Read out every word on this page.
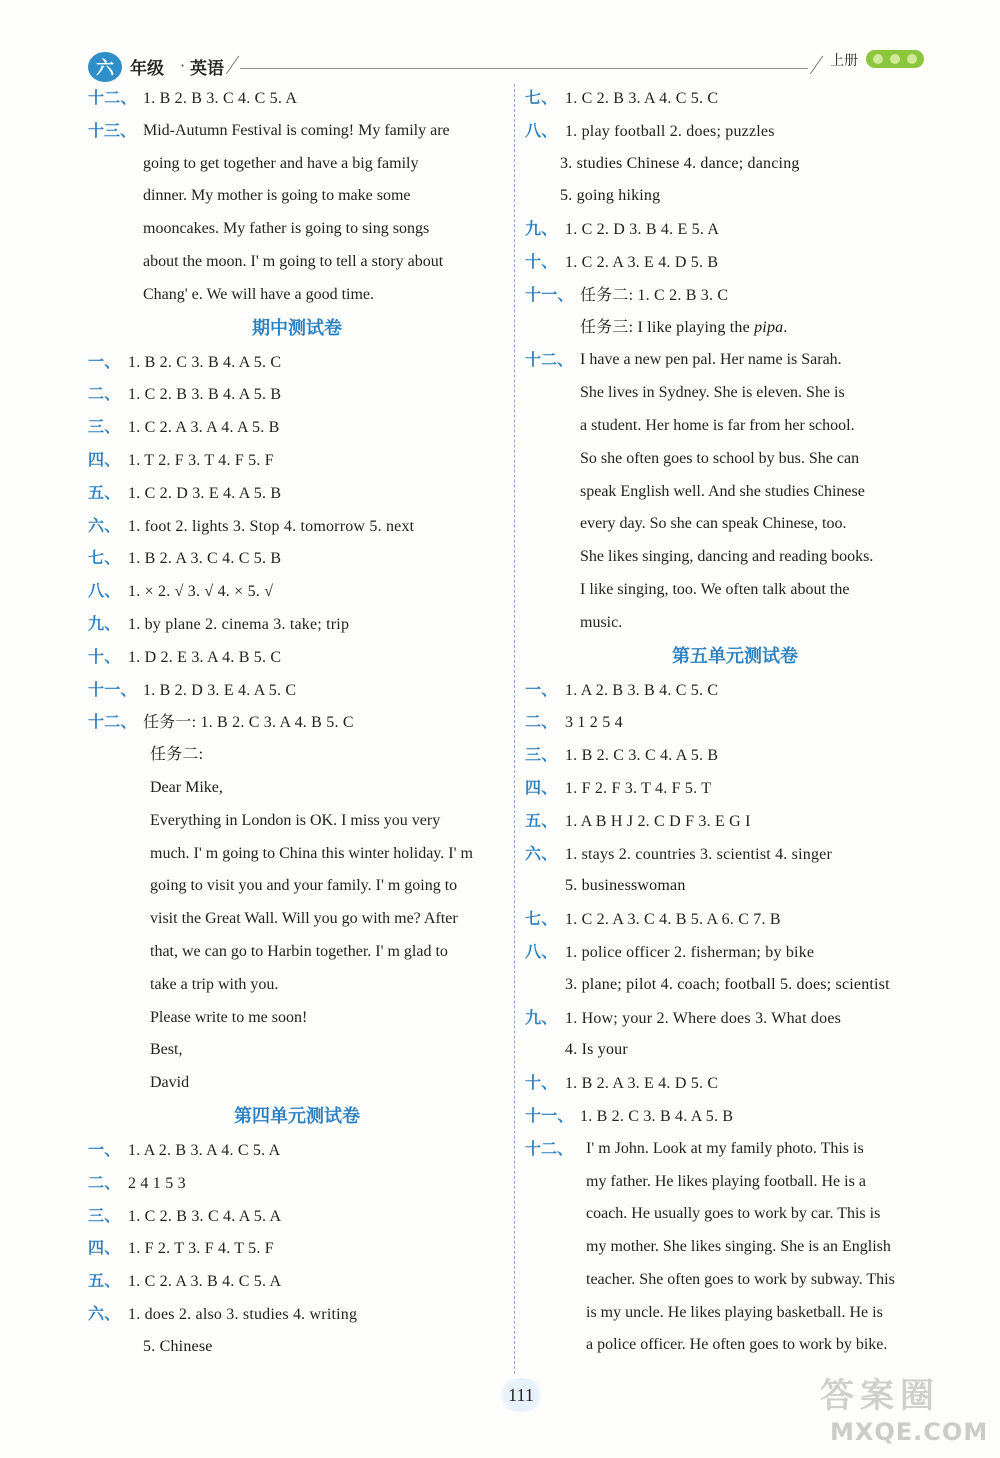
六 年级 · 英语	上册
十二、 1. B 2. B 3. C 4. C 5. A
十三、 Mid-Autumn Festival is coming! My family are
going to get together and have a big family
dinner. My mother is going to make some
mooncakes. My father is going to sing songs
about the moon. I' m going to tell a story about
Chang' e. We will have a good time.
期中测试卷
一、 1. B 2. C 3. B 4. A 5. C
二、 1. C 2. B 3. B 4. A 5. B
三、 1. C 2. A 3. A 4. A 5. B
四、 1. T 2. F 3. T 4. F 5. F
五、 1. C 2. D 3. E 4. A 5. B
六、 1. foot 2. lights 3. Stop 4. tomorrow 5. next
七、 1. B 2. A 3. C 4. C 5. B
八、 1. × 2. √ 3. √ 4. × 5. √
九、 1. by plane 2. cinema 3. take; trip
十、 1. D 2. E 3. A 4. B 5. C
十一、 1. B 2. D 3. E 4. A 5. C
十二、 任务一: 1. B 2. C 3. A 4. B 5. C
任务二:
Dear Mike,
Everything in London is OK. I miss you very
much. I' m going to China this winter holiday. I' m
going to visit you and your family. I' m going to
visit the Great Wall. Will you go with me? After
that, we can go to Harbin together. I' m glad to
take a trip with you.
Please write to me soon!
Best,
David
第四单元测试卷
一、 1. A 2. B 3. A 4. C 5. A
二、 2 4 1 5 3
三、 1. C 2. B 3. C 4. A 5. A
四、 1. F 2. T 3. F 4. T 5. F
五、 1. C 2. A 3. B 4. C 5. A
六、 1. does 2. also 3. studies 4. writing
5. Chinese
七、 1. C 2. B 3. A 4. C 5. C
八、 1. play football 2. does; puzzles
3. studies Chinese 4. dance; dancing
5. going hiking
九、 1. C 2. D 3. B 4. E 5. A
十、 1. C 2. A 3. E 4. D 5. B
十一、 任务二: 1. C 2. B 3. C
任务三: I like playing the pipa.
十二、 I have a new pen pal. Her name is Sarah.
She lives in Sydney. She is eleven. She is
a student. Her home is far from her school.
So she often goes to school by bus. She can
speak English well. And she studies Chinese
every day. So she can speak Chinese, too.
She likes singing, dancing and reading books.
I like singing, too. We often talk about the
music.
第五单元测试卷
一、 1. A 2. B 3. B 4. C 5. C
二、 3 1 2 5 4
三、 1. B 2. C 3. C 4. A 5. B
四、 1. F 2. F 3. T 4. F 5. T
五、 1. A B H J 2. C D F 3. E G I
六、 1. stays 2. countries 3. scientist 4. singer
5. businesswoman
七、 1. C 2. A 3. C 4. B 5. A 6. C 7. B
八、 1. police officer 2. fisherman; by bike
3. plane; pilot 4. coach; football 5. does; scientist
九、 1. How; your 2. Where does 3. What does
4. Is your
十、 1. B 2. A 3. E 4. D 5. C
十一、 1. B 2. C 3. B 4. A 5. B
十二、 I' m John. Look at my family photo. This is
my father. He likes playing football. He is a
coach. He usually goes to work by car. This is
my mother. She likes singing. She is an English
teacher. She often goes to work by subway. This
is my uncle. He likes playing basketball. He is
a police officer. He often goes to work by bike.
111	答案圈
MXQE.COM
